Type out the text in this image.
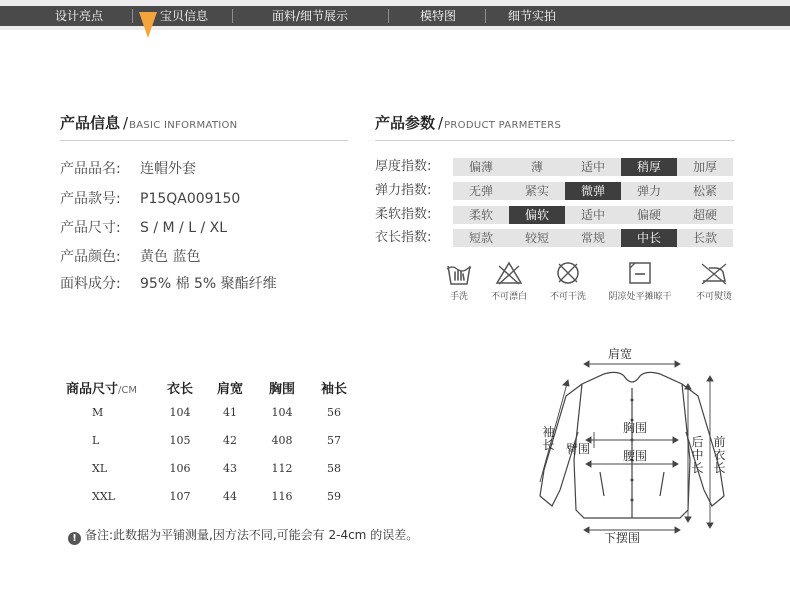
设计亮点	宝贝信息	面料/细节展示	模特图	细节实拍
产品信息 /BASIC INFORMATION
产品品名: 连帽外套
产品款号: P15QA009150
产品尺寸: S / M / L / XL
产品颜色: 黄色 蓝色
面料成分: 95% 棉 5% 聚酯纤维
产品参数 /PRODUCT PARMETERS
厚度指数:	偏薄	薄	适中	稍厚	加厚
弹力指数:	无弹	紧实	微弹	弹力	松紧
柔软指数:	柔软	偏软	适中	偏硬	超硬
衣长指数:	短款	较短	常规	中长	长款
手洗	不可漂白	不可干洗	阴凉处平摊晾干	不可熨烫
商品尺寸/CM	衣长	肩宽	胸围	袖长
M	104	41	104	56
L	105	42	408	57
XL	106	43	112	58
XXL	107	44	116	59
! 备注:此数据为平铺测量,因方法不同,可能会有 2-4cm 的误差。
肩宽
袖长 臂围
胸围
腰围
后中长
前衣长
下摆围
